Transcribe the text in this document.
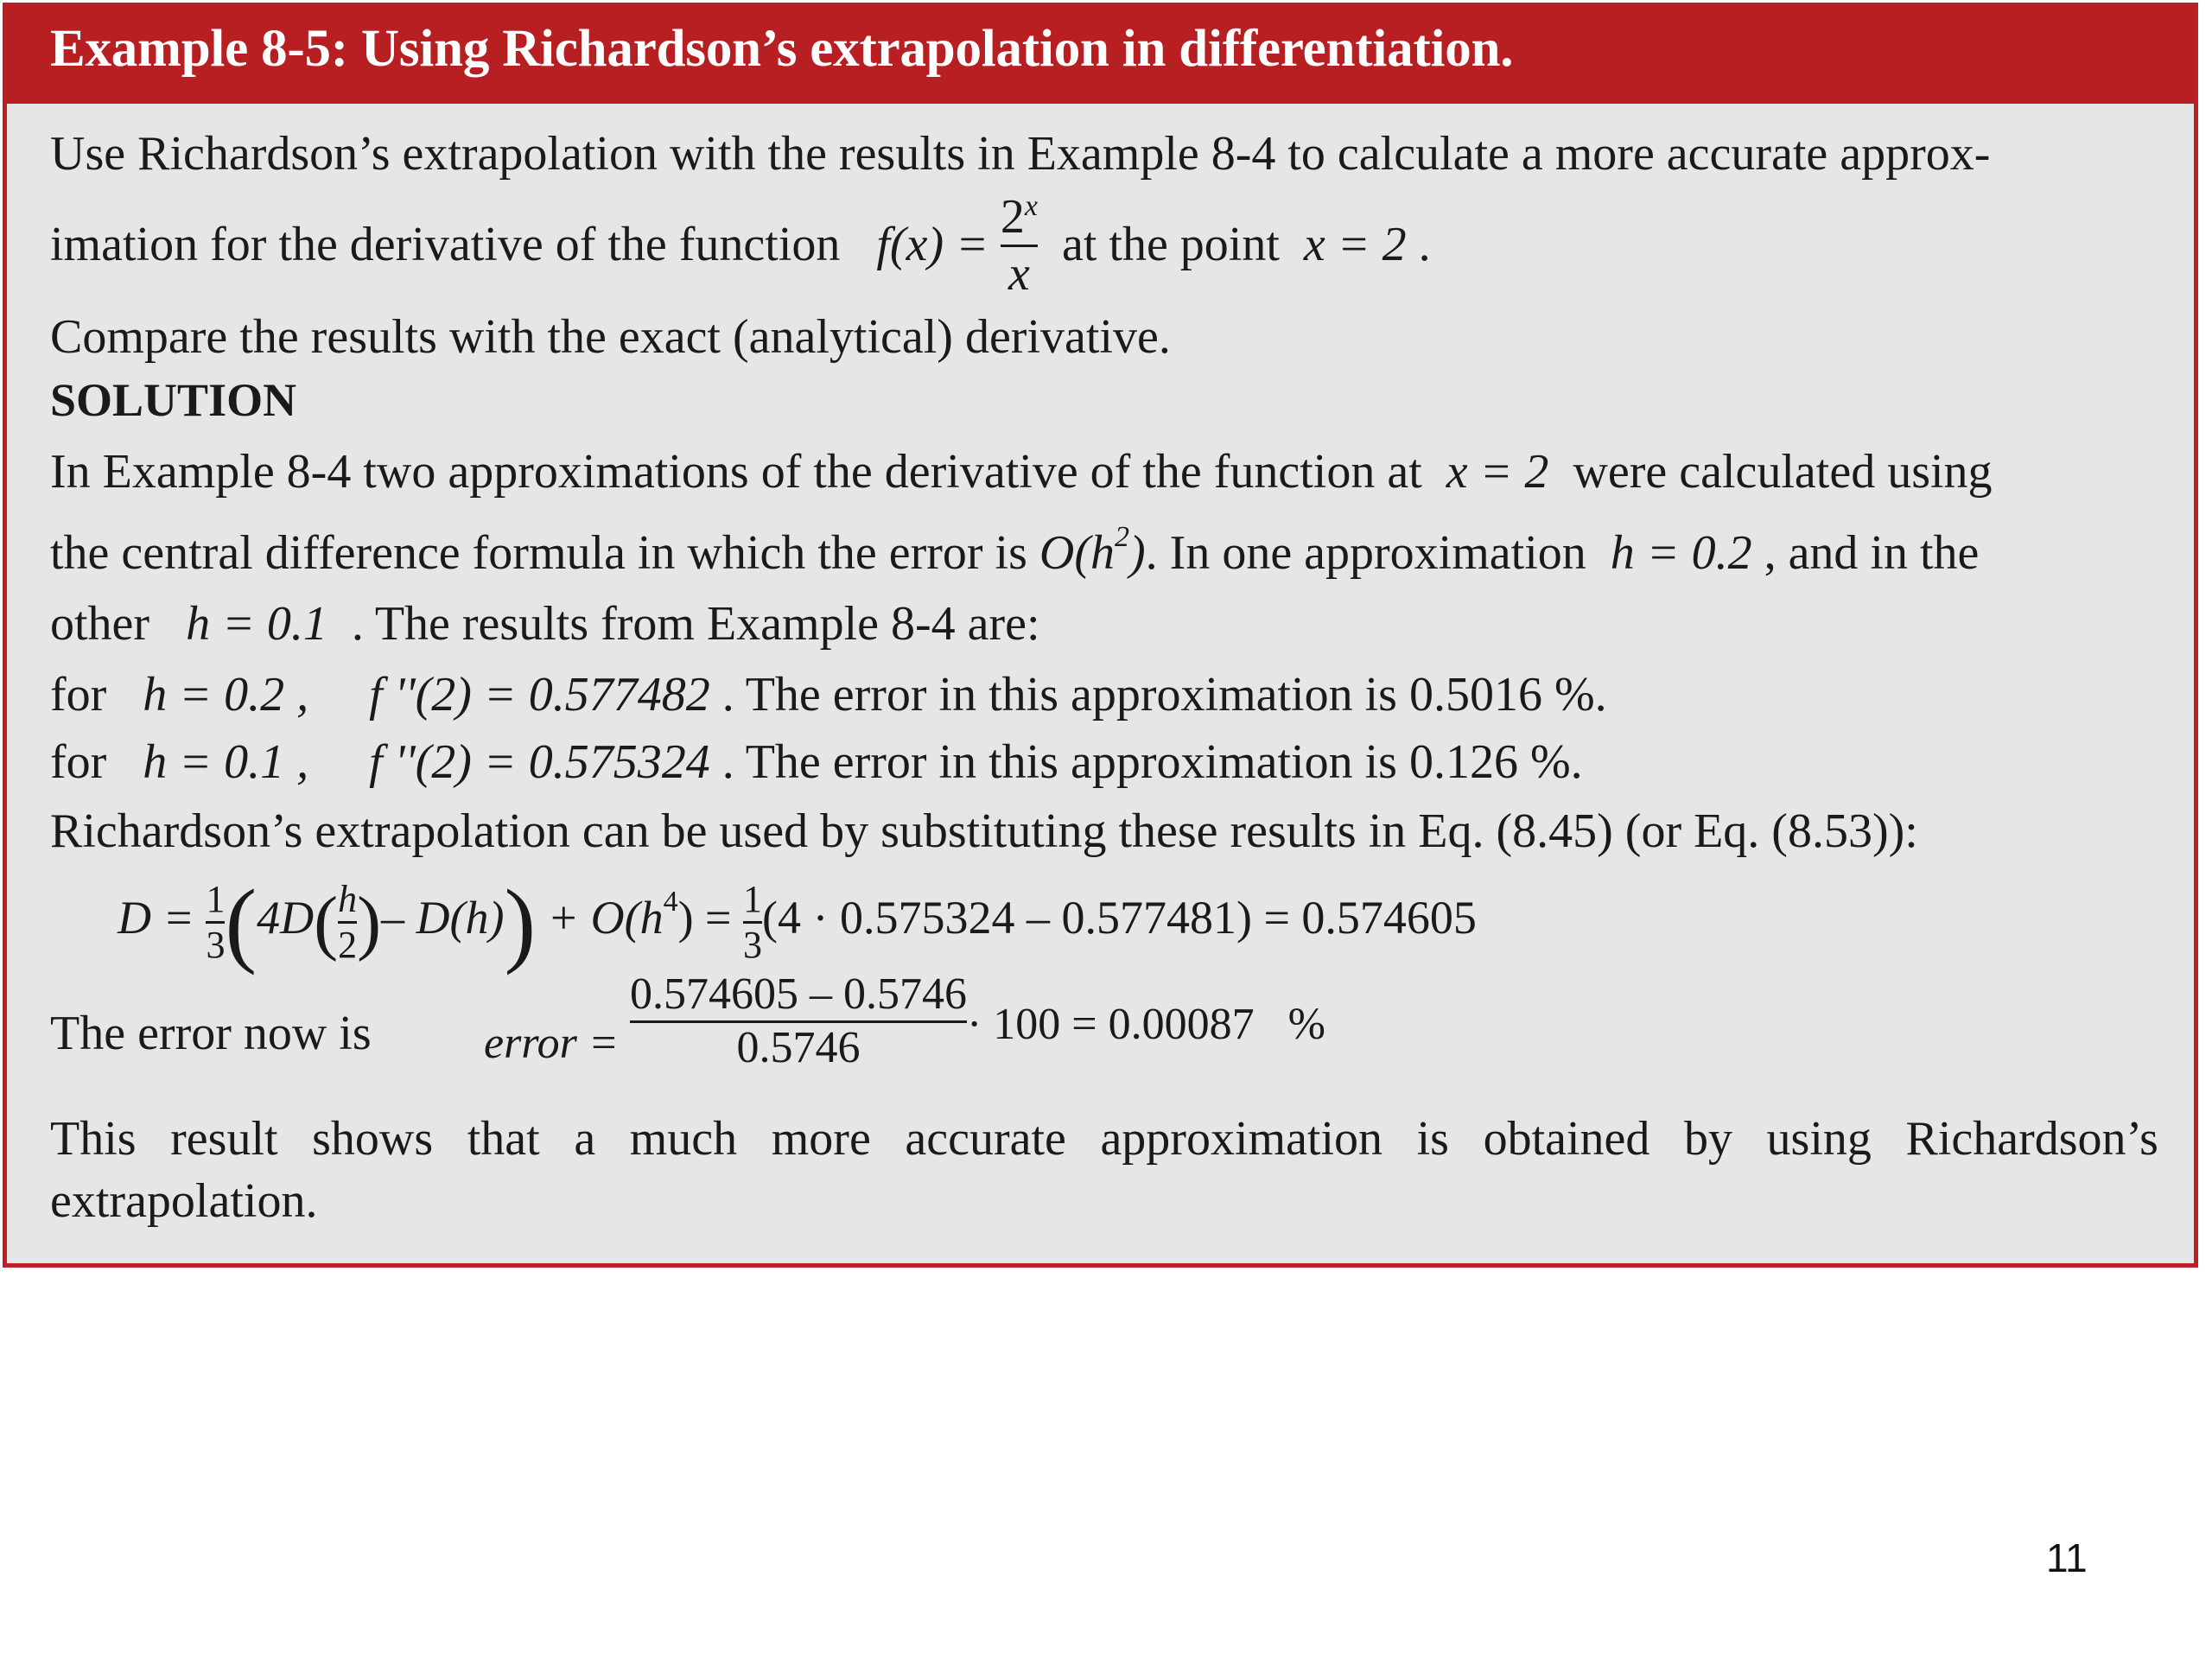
Example 8-5: Using Richardson’s extrapolation in differentiation.
Use Richardson’s extrapolation with the results in Example 8-4 to calculate a more accurate approx-
imation for the derivative of the function $f(x) = \frac{2^x}{x}$ at the point x = 2 .
Compare the results with the exact (analytical) derivative.
SOLUTION
In Example 8-4 two approximations of the derivative of the function at x = 2 were calculated using
the central difference formula in which the error is $O(h^2)$. In one approximation h = 0.2 , and in the
other h = 0.1 . The results from Example 8-4 are:
for h = 0.2 , f ''(2) = 0.577482 . The error in this approximation is 0.5016 %.
for h = 0.1 , f ''(2) = 0.575324 . The error in this approximation is 0.126 %.
Richardson’s extrapolation can be used by substituting these results in Eq. (8.45) (or Eq. (8.53)):
$D = \frac{1}{3} (4D( \frac{h}{2}$ )– $D(h)) + O(h^4) = \frac{1}{3} (4 \cdot 0.575324 - 0.577481) = 0.574605$
The error now is	error = $\frac{0.574605 - 0.5746}{0.5746} \cdot 100 = 0.00087$ %
This result shows that a much more accurate approximation is obtained by using Richardson’s
extrapolation.
11
